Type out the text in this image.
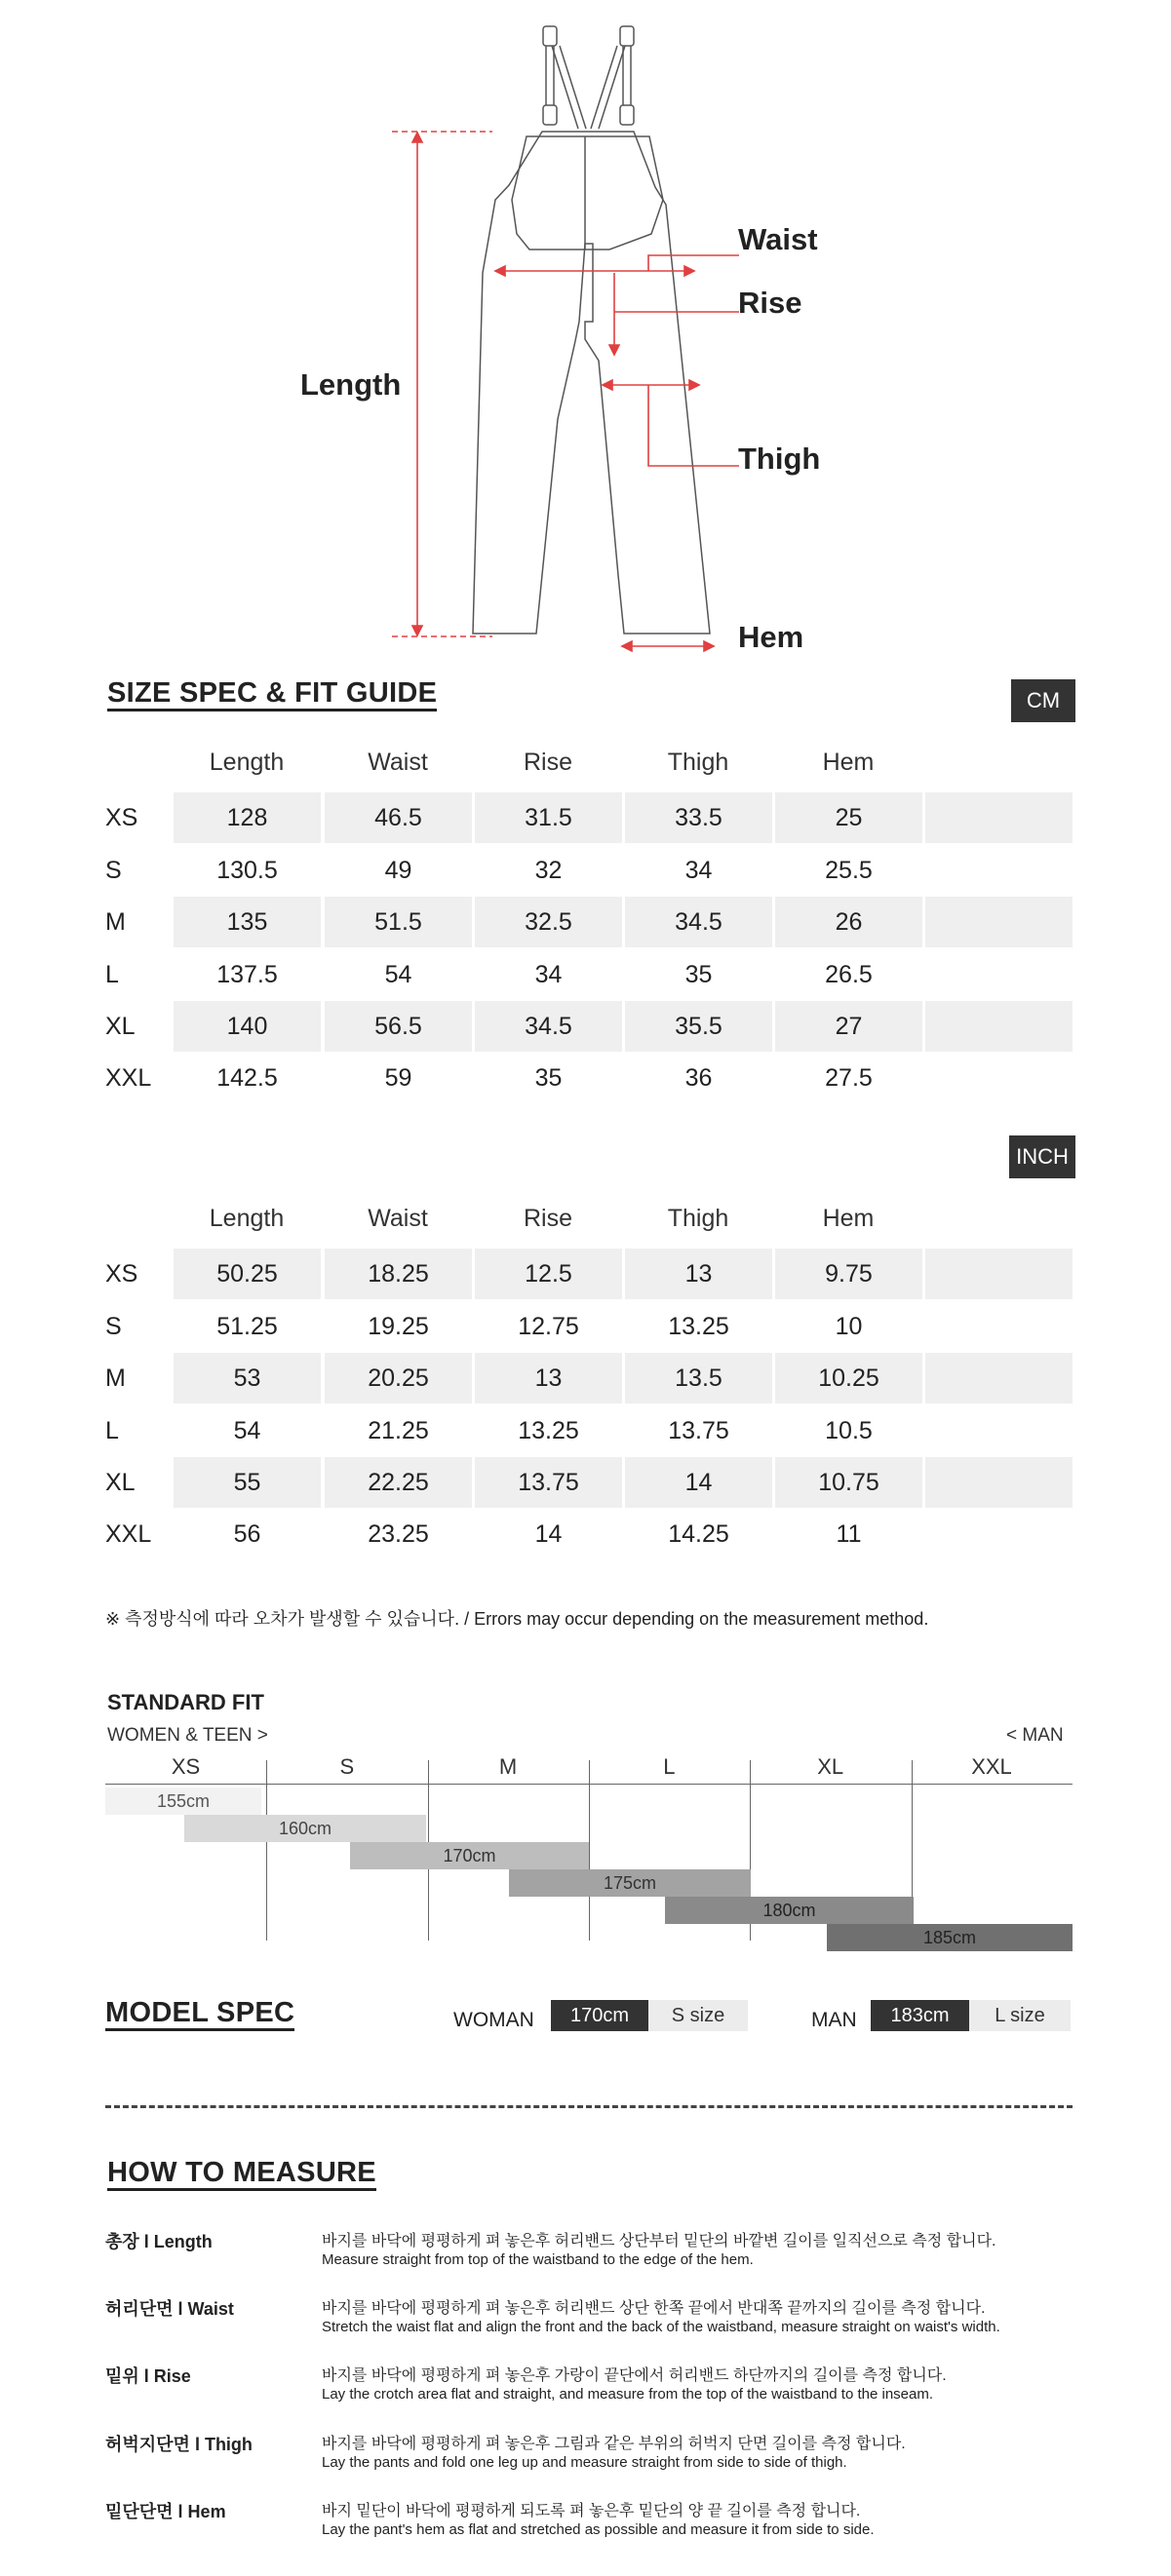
Waist
Rise
Length
Thigh
Hem
SIZE SPEC & FIT GUIDE	CM
Length	Waist	Rise	Thigh	Hem
XS	128	46.5	31.5	33.5	25
S	130.5	49	32	34	25.5
M	135	51.5	32.5	34.5	26
L	137.5	54	34	35	26.5
XL	140	56.5	34.5	35.5	27
XXL	142.5	59	35	36	27.5
INCH
Length	Waist	Rise	Thigh	Hem
XS	50.25	18.25	12.5	13	9.75
S	51.25	19.25	12.75	13.25	10
M	53	20.25	13	13.5	10.25
L	54	21.25	13.25	13.75	10.5
XL	55	22.25	13.75	14	10.75
XXL	56	23.25	14	14.25	11
※ 측정방식에 따라 오차가 발생할 수 있습니다. / Errors may occur depending on the measurement method.
STANDARD FIT
WOMEN & TEEN >	< MAN
XS	S	M	L	XL	XXL
155cm
160cm
170cm
175cm
180cm
185cm
MODEL SPEC	WOMAN	170cm	S size	MAN	183cm	L size
HOW TO MEASURE
총장 l Length	바지를 바닥에 평평하게 펴 놓은후 허리밴드 상단부터 밑단의 바깥변 길이를 일직선으로 측정 합니다.
Measure straight from top of the waistband to the edge of the hem.
허리단면 l Waist	바지를 바닥에 평평하게 펴 놓은후 허리밴드 상단 한쪽 끝에서 반대쪽 끝까지의 길이를 측정 합니다.
Stretch the waist flat and align the front and the back of the waistband, measure straight on waist's width.
밑위 l Rise	바지를 바닥에 평평하게 펴 놓은후 가랑이 끝단에서 허리밴드 하단까지의 길이를 측정 합니다.
Lay the crotch area flat and straight, and measure from the top of the waistband to the inseam.
허벅지단면 l Thigh	바지를 바닥에 평평하게 펴 놓은후 그림과 같은 부위의 허벅지 단면 길이를 측정 합니다.
Lay the pants and fold one leg up and measure straight from side to side of thigh.
밑단단면 l Hem	바지 밑단이 바닥에 평평하게 되도록 펴 놓은후 밑단의 양 끝 길이를 측정 합니다.
Lay the pant's hem as flat and stretched as possible and measure it from side to side.
